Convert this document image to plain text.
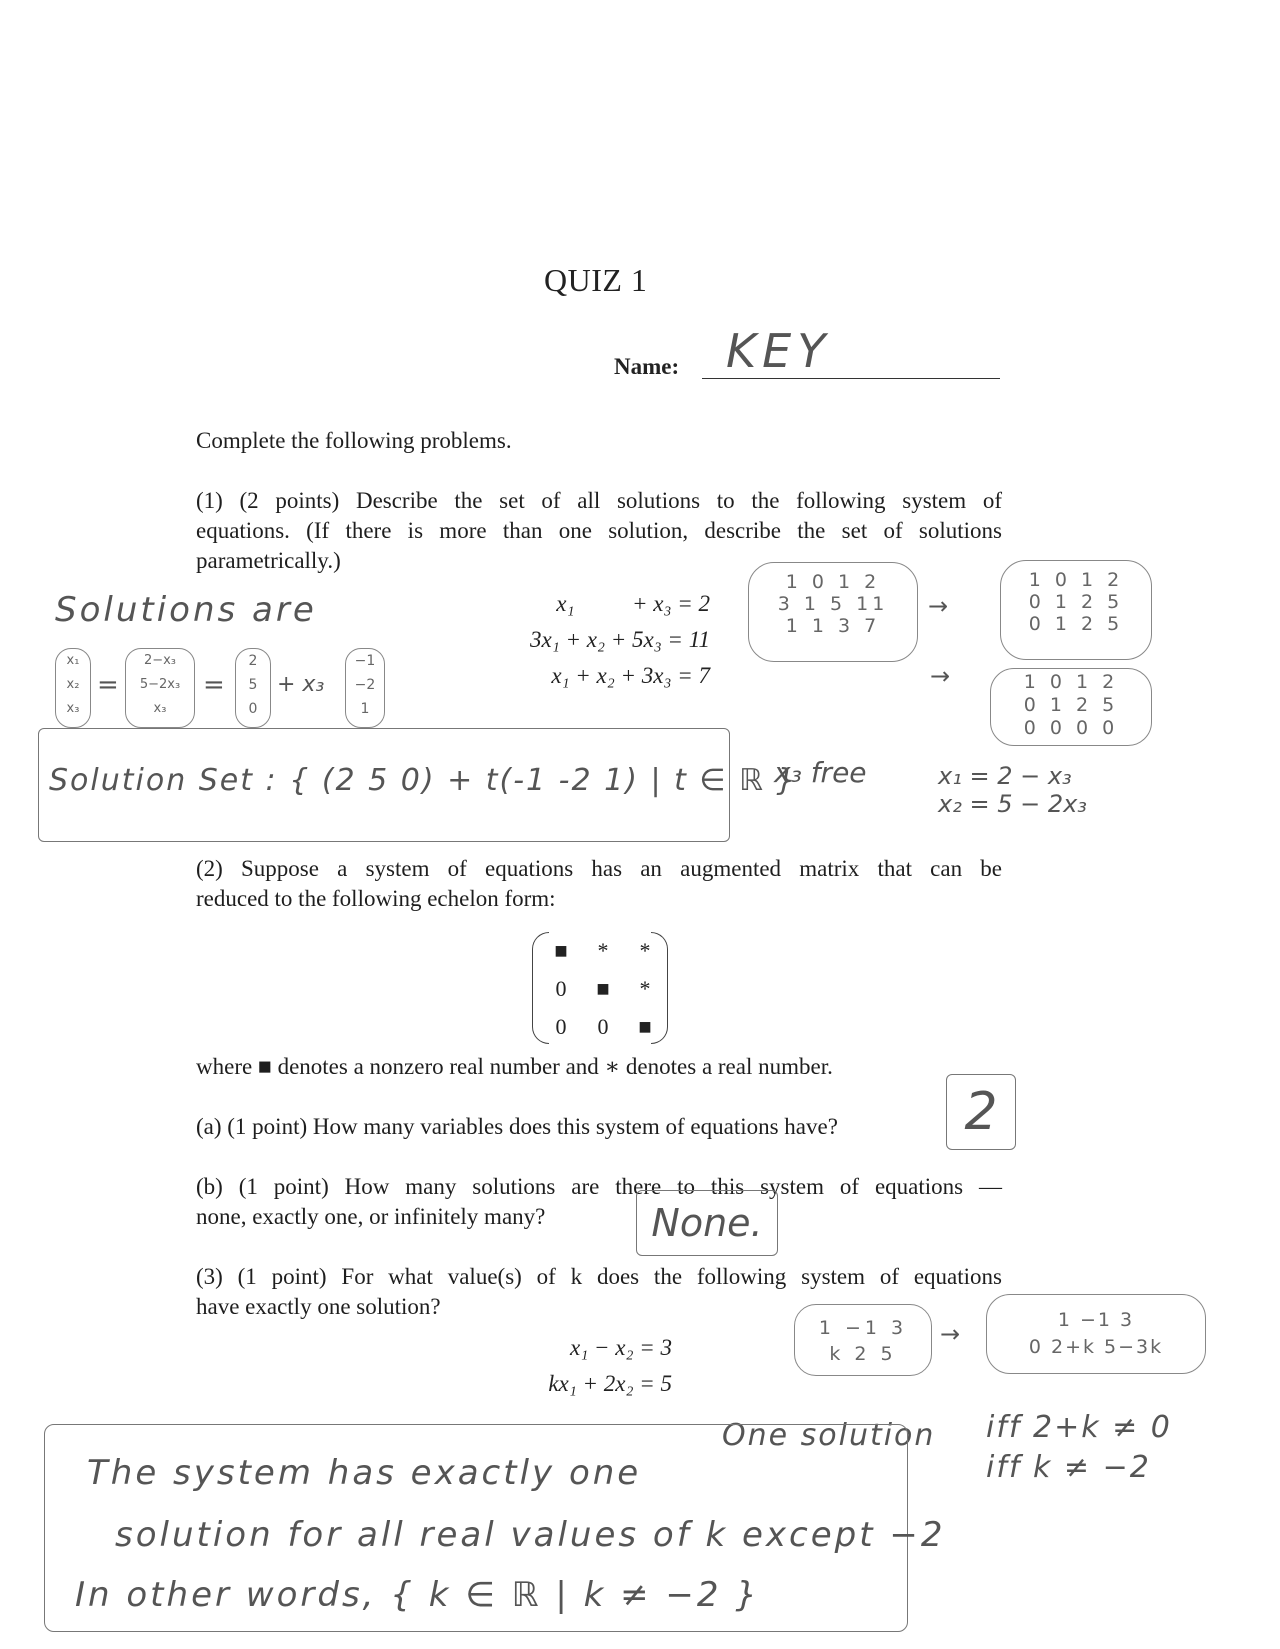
QUIZ 1
Name: KEY
Complete the following problems.
(1) (2 points) Describe the set of all solutions to the following system of
equations. (If there is more than one solution, describe the set of solutions
parametrically.)
x₁          + x₃ = 2
3x₁ + x₂ + 5x₃ = 11
x₁ + x₂ + 3x₃ = 7
Solutions are
x₁
x₂
x₃
=
2−x₃
5−2x₃
x₃
=
2
5
0
+ x₃
−1
−2
1
Solution Set : { (2 5 0) + t(-1 -2 1) | t ∈ ℝ }
1 0 1 2
3 1 5 11
1 1 3 7
→
1 0 1 2
0 1 2 5
0 1 2 5
→	1 0 1 2
0 1 2 5
0 0 0 0
x₃ free	x₁ = 2 − x₃
x₂ = 5 − 2x₃
(2) Suppose a system of equations has an augmented matrix that can be
reduced to the following echelon form:
■	*	*
0	■	*
0	0	■
where ■ denotes a nonzero real number and ∗ denotes a real number.
(a) (1 point) How many variables does this system of equations have?	2
(b) (1 point) How many solutions are there to this system of equations —
none, exactly one, or infinitely many?	None.
(3) (1 point) For what value(s) of k does the following system of equations
have exactly one solution?
x₁ − x₂ = 3
kx₁ + 2x₂ = 5
1 −1 3
k 2 5
→	1 −1 3
0 2+k 5−3k
One solution iff 2+k ≠ 0
iff k ≠ −2
The system has exactly one
solution for all real values of k except −2
In other words, { k ∈ ℝ | k ≠ −2 }
